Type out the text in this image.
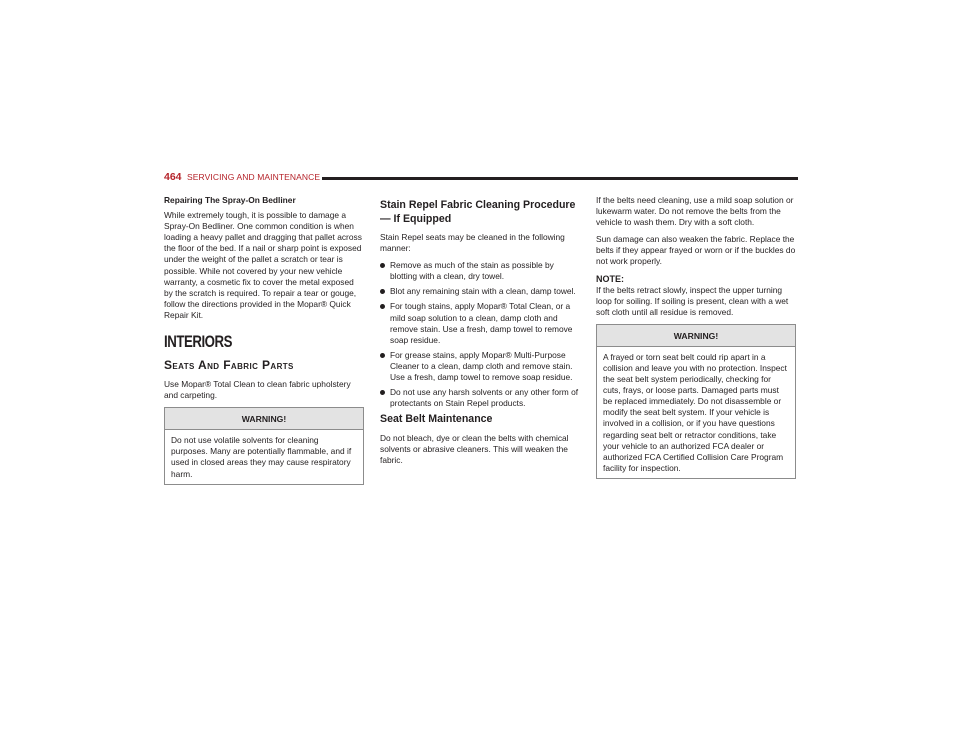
464 SERVICING AND MAINTENANCE

Repairing The Spray-On Bedliner

While extremely tough, it is possible to damage a Spray-On Bedliner. One common condition is when loading a heavy pallet and dragging that pallet across the floor of the bed. If a nail or sharp point is exposed under the weight of the pallet a scratch or tear is possible. While not covered by your new vehicle warranty, a cosmetic fix to cover the metal exposed by the scratch is required. To repair a tear or gouge, follow the directions provided in the Mopar® Quick Repair Kit.

INTERIORS
Seats And Fabric Parts

Use Mopar® Total Clean to clean fabric upholstery and carpeting.

WARNING!

Do not use volatile solvents for cleaning purposes. Many are potentially flammable, and if used in closed areas they may cause respiratory harm.

Stain Repel Fabric Cleaning Procedure — If Equipped

Stain Repel seats may be cleaned in the following manner:

Remove as much of the stain as possible by blotting with a clean, dry towel.

Blot any remaining stain with a clean, damp towel.

For tough stains, apply Mopar® Total Clean, or a mild soap solution to a clean, damp cloth and remove stain. Use a fresh, damp towel to remove soap residue.

For grease stains, apply Mopar® Multi-Purpose Cleaner to a clean, damp cloth and remove stain. Use a fresh, damp towel to remove soap residue.

Do not use any harsh solvents or any other form of protectants on Stain Repel products.

Seat Belt Maintenance

Do not bleach, dye or clean the belts with chemical solvents or abrasive cleaners. This will weaken the fabric.

If the belts need cleaning, use a mild soap solution or lukewarm water. Do not remove the belts from the vehicle to wash them. Dry with a soft cloth.

Sun damage can also weaken the fabric. Replace the belts if they appear frayed or worn or if the buckles do not work properly.

NOTE:

If the belts retract slowly, inspect the upper turning loop for soiling. If soiling is present, clean with a wet soft cloth until all residue is removed.

WARNING!

A frayed or torn seat belt could rip apart in a collision and leave you with no protection. Inspect the seat belt system periodically, checking for cuts, frays, or loose parts. Damaged parts must be replaced immediately. Do not disassemble or modify the seat belt system. If your vehicle is involved in a collision, or if you have questions regarding seat belt or retractor conditions, take your vehicle to an authorized FCA dealer or authorized FCA Certified Collision Care Program facility for inspection.
